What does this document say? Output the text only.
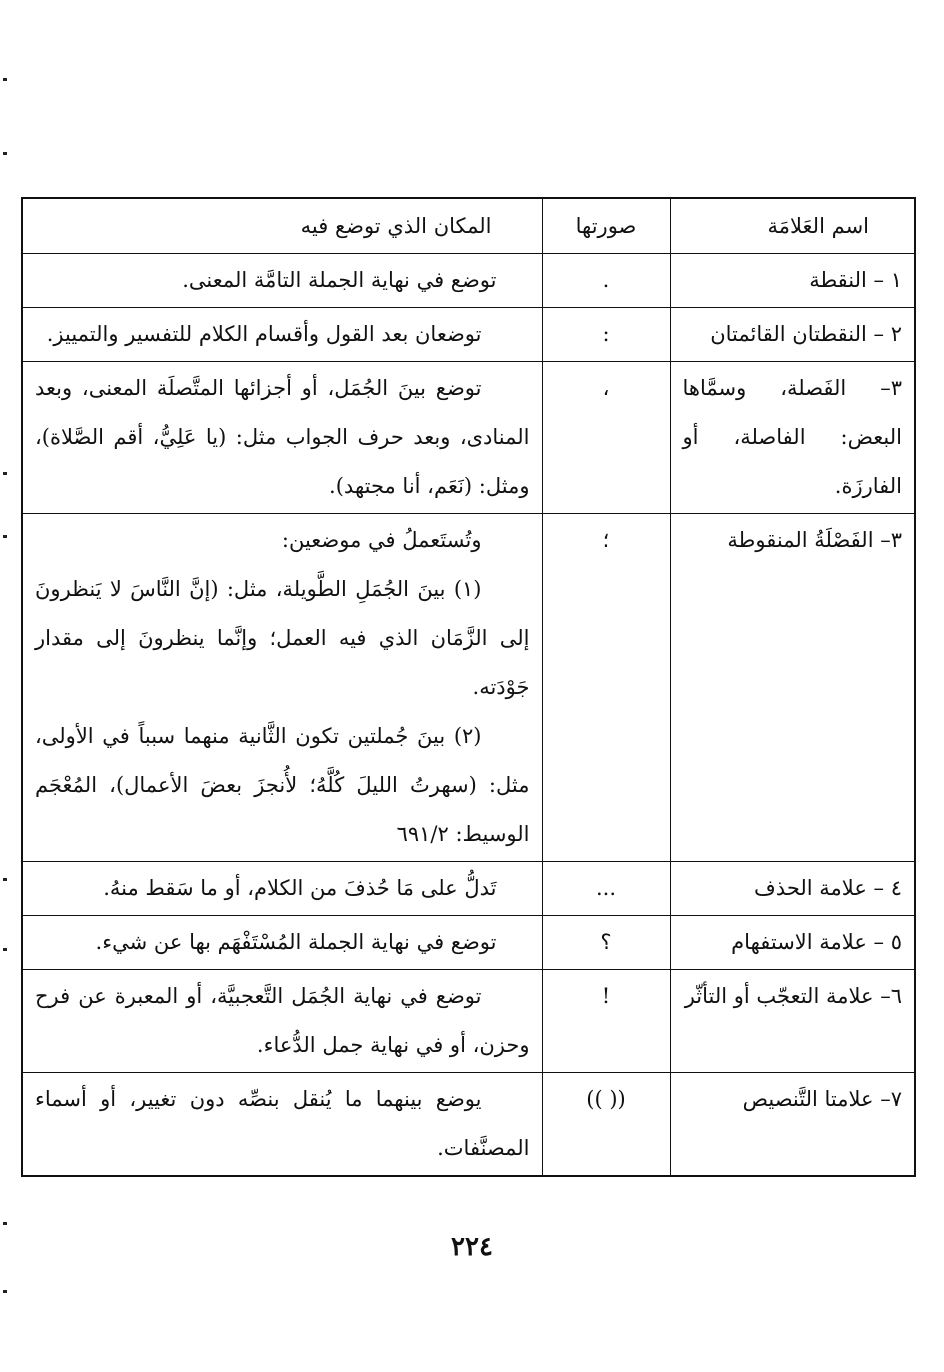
اسم العَلامَة	صورتها	المكان الذي توضع فيه
١ – النقطة	.	توضع في نهاية الجملة التامَّة المعنى.
٢ – النقطتان القائمتان	:	توضعان بعد القول وأقسام الكلام للتفسير والتمييز.

٣– الفَصلة، وسمَّاها البعض: الفاصلة، أو الفارزَة.	،	توضع بينَ الجُمَل، أو أجزائها المتَّصلَة المعنى، وبعد المنادى، وبعد حرف الجواب مثل: (يا عَلِيُّ، أقم الصَّلاة)، ومثل: (نَعَم، أنا مجتهد).

٣– الفَصْلَةُ المنقوطة	؛	وتُستَعملُ في موضعين:
(١) بينَ الجُمَلِ الطَّويلة، مثل: (إنَّ النَّاسَ لا يَنظرونَ إلى الزَّمَان الذي فيه العمل؛ وإنَّما ينظرونَ إلى مقدار جَوْدَته.
(٢) بينَ جُملتين تكون الثَّانية منهما سبباً في الأولى، مثل: (سهرتُ الليلَ كُلَّهُ؛ لأُنجزَ بعضَ الأعمال)، المُعْجَم الوسيط: ٦٩١/٢

٤ – علامة الحذف	...	تَدلُّ على مَا حُذفَ من الكلام، أو ما سَقط منهُ.
٥ – علامة الاستفهام	؟	توضع في نهاية الجملة المُسْتَفْهَم بها عن شيء.
٦– علامة التعجّب أو التأثّر	!	توضع في نهاية الجُمَل التَّعجبيَّة، أو المعبرة عن فرح وحزن، أو في نهاية جمل الدُّعاء.

٧– علامتا التَّنصيص	(( ))	يوضع بينهما ما يُنقل بنصِّه دون تغيير، أو أسماء المصنَّفات.
٢٢٤
